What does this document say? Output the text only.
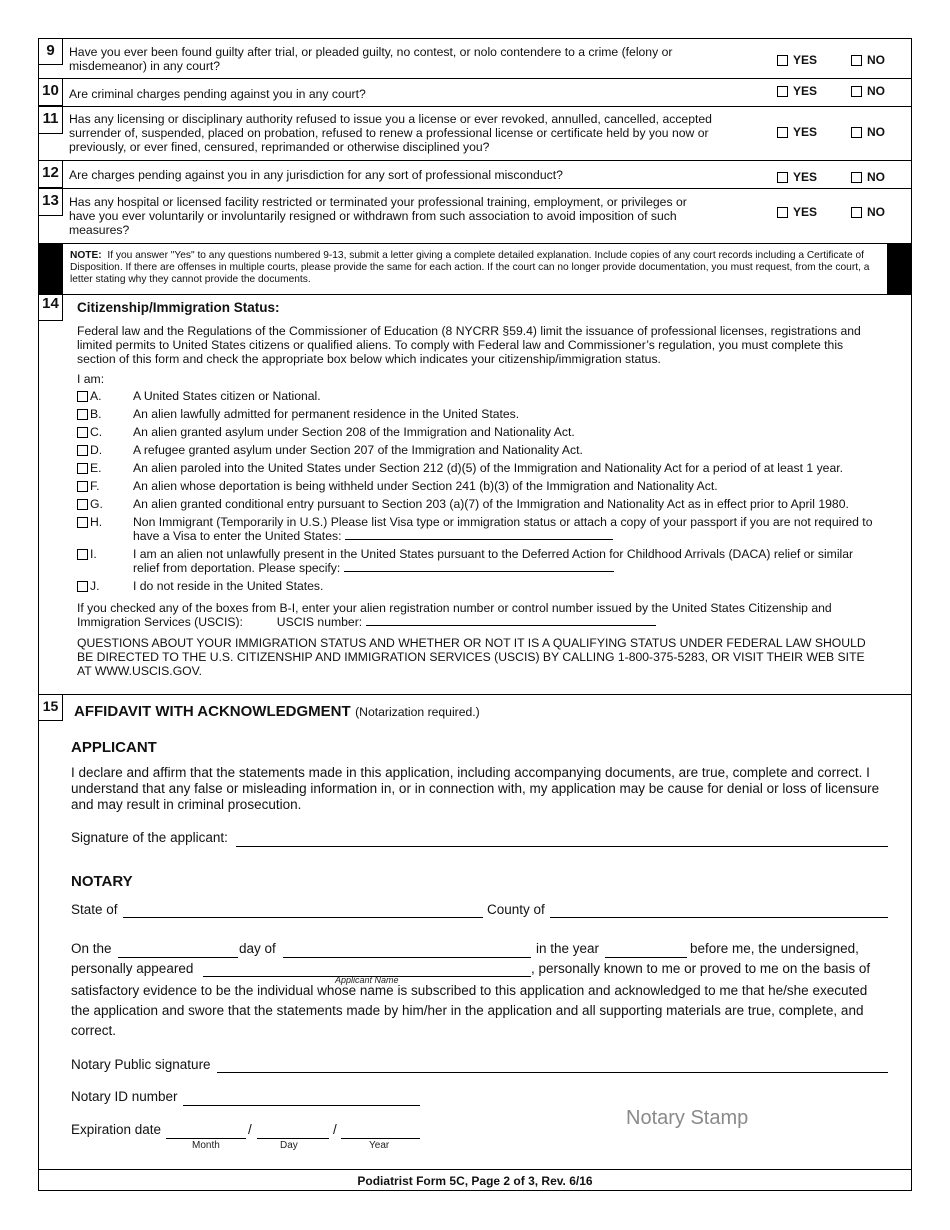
9	Have you ever been found guilty after trial, or pleaded guilty, no contest, or nolo contendere to a crime (felony or misdemeanor) in any court?	YES	NO
10 Are criminal charges pending against you in any court?	YES	NO
11 Has any licensing or disciplinary authority refused to issue you a license or ever revoked, annulled, cancelled, accepted surrender of, suspended, placed on probation, refused to renew a professional license or certificate held by you now or previously, or ever fined, censured, reprimanded or otherwise disciplined you?
YES	NO
12 Are charges pending against you in any jurisdiction for any sort of professional misconduct?	YES	NO
13 Has any hospital or licensed facility restricted or terminated your professional training, employment, or privileges or have you ever voluntarily or involuntarily resigned or withdrawn from such association to avoid imposition of such measures?
YES	NO
NOTE: If you answer "Yes" to any questions numbered 9-13, submit a letter giving a complete detailed explanation. Include copies of any court records including a Certificate of Disposition. If there are offenses in multiple courts, please provide the same for each action. If the court can no longer provide documentation, you must request, from the court, a letter stating why they cannot provide the documents.
14	Citizenship/Immigration Status:
Federal law and the Regulations of the Commissioner of Education (8 NYCRR §59.4) limit the issuance of professional licenses, registrations and limited permits to United States citizens or qualified aliens. To comply with Federal law and Commissioner’s regulation, you must complete this section of this form and check the appropriate box below which indicates your citizenship/immigration status.
I am:
A.	A United States citizen or National.
B.	An alien lawfully admitted for permanent residence in the United States.
C.	An alien granted asylum under Section 208 of the Immigration and Nationality Act.
D.	A refugee granted asylum under Section 207 of the Immigration and Nationality Act.
E.	An alien paroled into the United States under Section 212 (d)(5) of the Immigration and Nationality Act for a period of at least 1 year.
F.	An alien whose deportation is being withheld under Section 241 (b)(3) of the Immigration and Nationality Act.
G. An alien granted conditional entry pursuant to Section 203 (a)(7) of the Immigration and Nationality Act as in effect prior to April 1980.
H.	Non Immigrant (Temporarily in U.S.) Please list Visa type or immigration status or attach a copy of your passport if you are not required to have a Visa to enter the United States:
I.	I am an alien not unlawfully present in the United States pursuant to the Deferred Action for Childhood Arrivals (DACA) relief or similar relief from deportation. Please specify:
J.	I do not reside in the United States.
If you checked any of the boxes from B-I, enter your alien registration number or control number issued by the United States Citizenship and Immigration Services (USCIS):	USCIS number:
QUESTIONS ABOUT YOUR IMMIGRATION STATUS AND WHETHER OR NOT IT IS A QUALIFYING STATUS UNDER FEDERAL LAW SHOULD BE DIRECTED TO THE U.S. CITIZENSHIP AND IMMIGRATION SERVICES (USCIS) BY CALLING 1-800-375-5283, OR VISIT THEIR WEB SITE AT WWW.USCIS.GOV.
15	AFFIDAVIT WITH ACKNOWLEDGMENT (Notarization required.)
APPLICANT
I declare and affirm that the statements made in this application, including accompanying documents, are true, complete and correct. I understand that any false or misleading information in, or in connection with, my application may be cause for denial or loss of licensure and may result in criminal prosecution.
Signature of the applicant:
NOTARY
State of	County of
On the	day of	in the year	before me, the undersigned,
personally appeared
Applicant Name
, personally known to me or proved to me on the basis of
satisfactory evidence to be the individual whose name is subscribed to this application and acknowledged to me that he/she executed the application and swore that the statements made by him/her in the application and all supporting materials are true, complete, and correct.
Notary Public signature
Notary ID number
Expiration date	/	/
Month	Day	Year
Notary Stamp
Podiatrist Form 5C, Page 2 of 3, Rev. 6/16
